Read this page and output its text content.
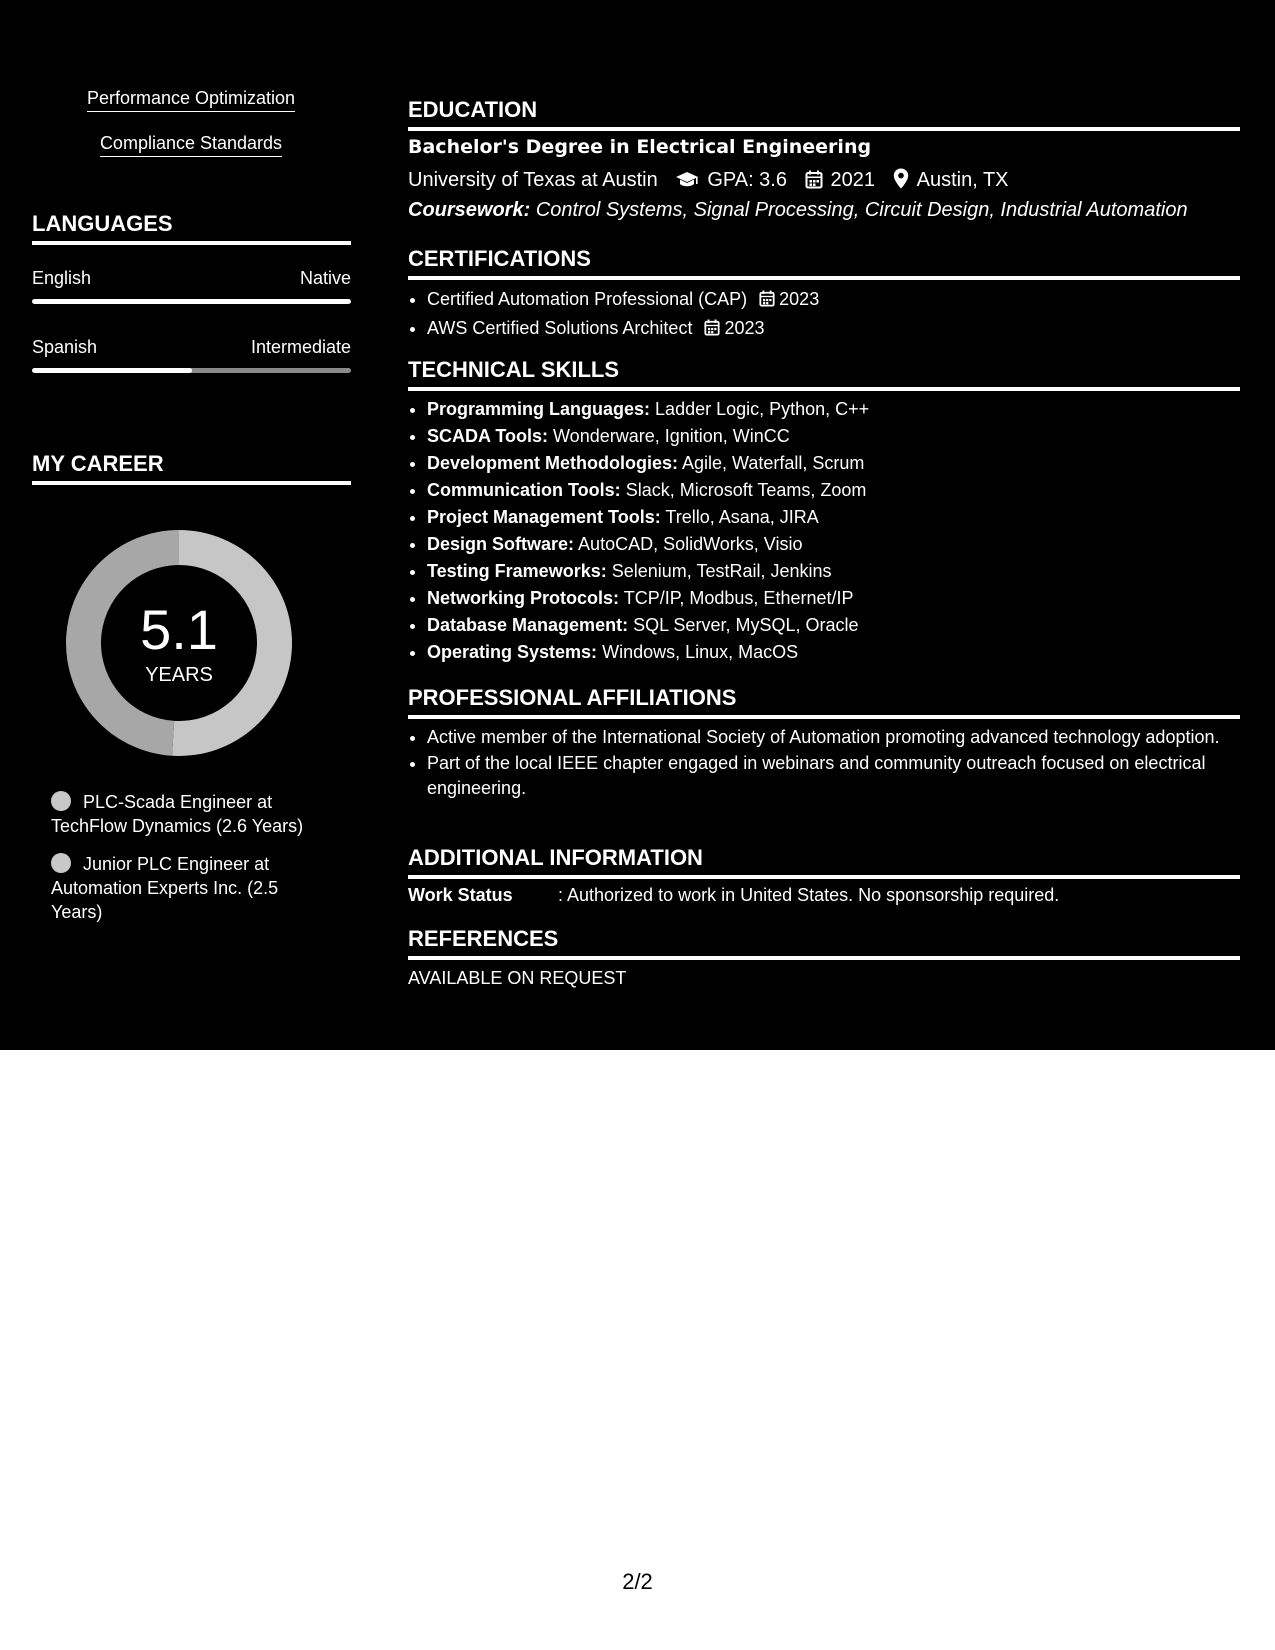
Performance Optimization
Compliance Standards
LANGUAGES
English	Native
Spanish	Intermediate
MY CAREER
5.1
YEARS
PLC-Scada Engineer at TechFlow Dynamics (2.6 Years)
Junior PLC Engineer at Automation Experts Inc. (2.5 Years)
EDUCATION
Bachelor's Degree in Electrical Engineering
University of Texas at Austin GPA: 3.6 2021 Austin, TX
Coursework: Control Systems, Signal Processing, Circuit Design, Industrial Automation
CERTIFICATIONS
• Certified Automation Professional (CAP) 2023
• AWS Certified Solutions Architect 2023
TECHNICAL SKILLS
• Programming Languages: Ladder Logic, Python, C++
• SCADA Tools: Wonderware, Ignition, WinCC
• Development Methodologies: Agile, Waterfall, Scrum
• Communication Tools: Slack, Microsoft Teams, Zoom
• Project Management Tools: Trello, Asana, JIRA
• Design Software: AutoCAD, SolidWorks, Visio
• Testing Frameworks: Selenium, TestRail, Jenkins
• Networking Protocols: TCP/IP, Modbus, Ethernet/IP
• Database Management: SQL Server, MySQL, Oracle
• Operating Systems: Windows, Linux, MacOS
PROFESSIONAL AFFILIATIONS
• Active member of the International Society of Automation promoting advanced technology adoption.
• Part of the local IEEE chapter engaged in webinars and community outreach focused on electrical engineering.
ADDITIONAL INFORMATION
Work Status	: Authorized to work in United States. No sponsorship required.
REFERENCES
AVAILABLE ON REQUEST
2/2
